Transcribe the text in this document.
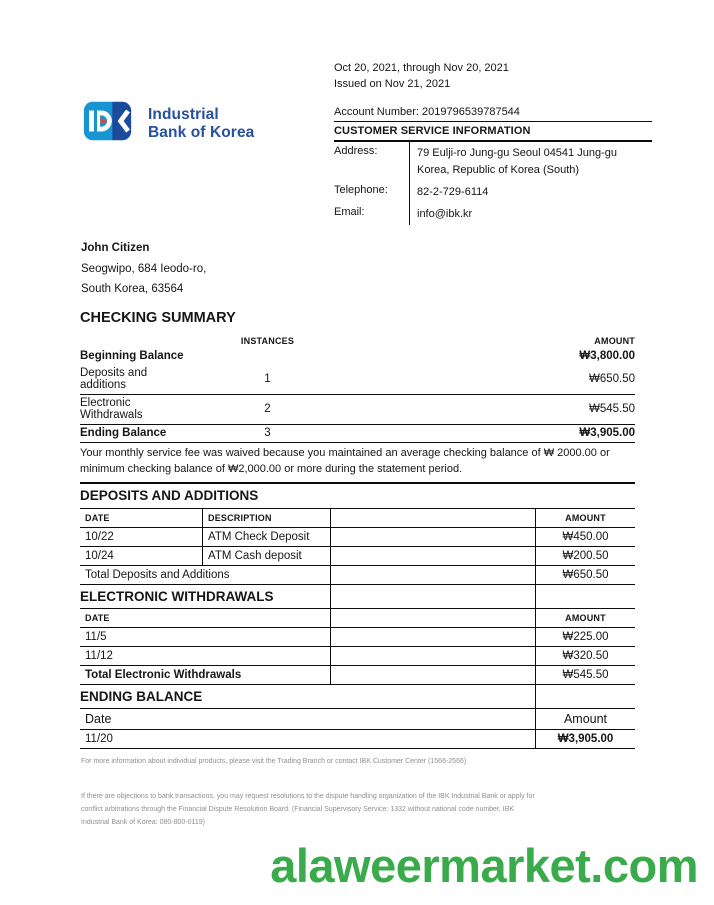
Oct 20, 2021, through Nov 20, 2021
Issued on Nov 21, 2021
Account Number: 2019796539787544
CUSTOMER SERVICE INFORMATION
Address:	79 Eulji-ro Jung-gu Seoul 04541 Jung-gu
Korea, Republic of Korea (South)
Telephone:	82-2-729-6114
Email:	info@ibk.kr
Industrial
Bank of Korea
John Citizen
Seogwipo, 684 Ieodo-ro,
South Korea, 63564
CHECKING SUMMARY
INSTANCES	AMOUNT
Beginning Balance	₩3,800.00
Deposits and additions	1	₩650.50
Electronic Withdrawals	2	₩545.50
Ending Balance	3	₩3,905.00
Your monthly service fee was waived because you maintained an average checking balance of ₩ 2000.00 or
minimum checking balance of ₩2,000.00 or more during the statement period.
DEPOSITS AND ADDITIONS
DATE	DESCRIPTION	AMOUNT
10/22	ATM Check Deposit	₩450.00
10/24	ATM Cash deposit	₩200.50
Total Deposits and Additions	₩650.50
ELECTRONIC WITHDRAWALS
DATE	AMOUNT
11/5	₩225.00
11/12	₩320.50
Total Electronic Withdrawals	₩545.50
ENDING BALANCE
Date	Amount
11/20	₩3,905.00
For more information about individual products, please visit the Trading Branch or contact IBK Customer Center (1566-2566)
If there are objections to bank transactions, you may request resolutions to the dispute handling organization of the IBK Industrial Bank or apply for
conflict arbitrations through the Financial Dispute Resolution Board. (Financial Supervisory Service: 1332 without national code number, IBK
Industrial Bank of Korea: 080-800-0119)
alaweermarket.com
